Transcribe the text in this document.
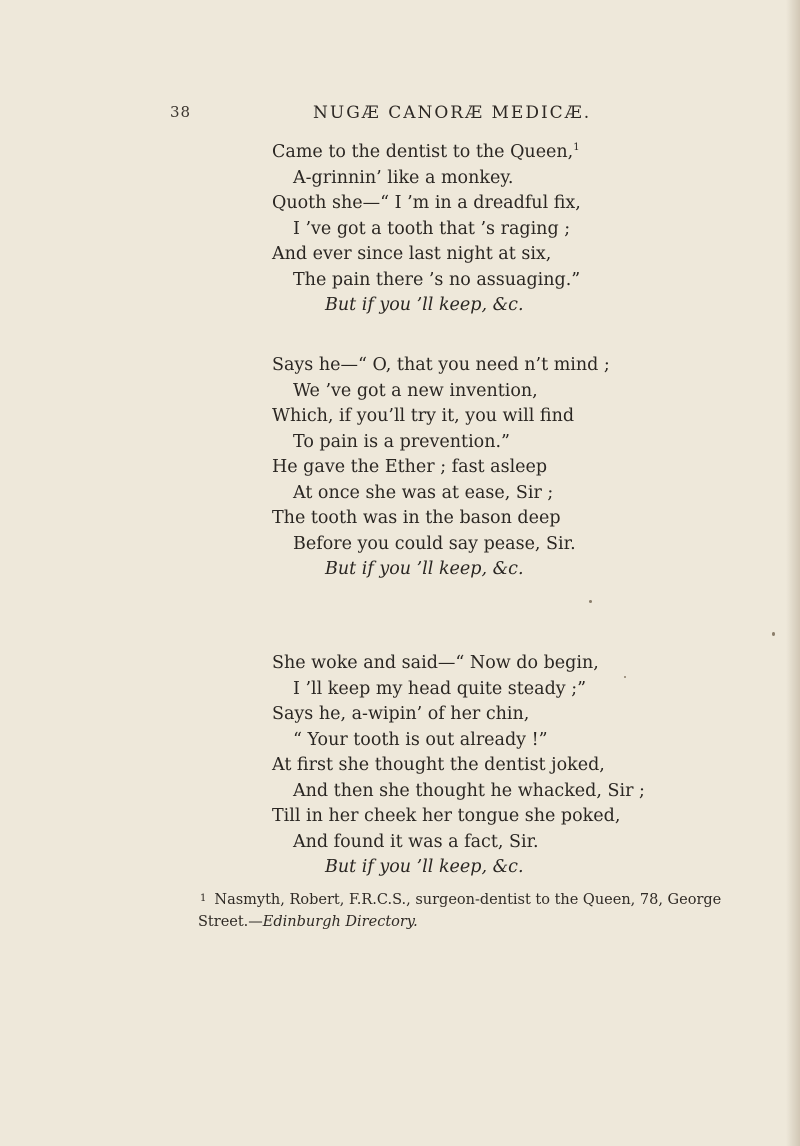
38	NUGÆ CANORÆ MEDICÆ.
Came to the dentist to the Queen,$^1$
A-grinnin’ like a monkey.
Quoth she—“ I ’m in a dreadful fix,
I ’ve got a tooth that ’s raging ;
And ever since last night at six,
The pain there ’s no assuaging.”
But if you ’ll keep, &c.
Says he—“ O, that you need n’t mind ;
We ’ve got a new invention,
Which, if you’ll try it, you will find
To pain is a prevention.”
He gave the Ether ; fast asleep
At once she was at ease, Sir ;
The tooth was in the bason deep
Before you could say pease, Sir.
But if you ’ll keep, &c.
She woke and said—“ Now do begin,
I ’ll keep my head quite steady ;”
Says he, a-wipin’ of her chin,
“ Your tooth is out already !”
At first she thought the dentist joked,
And then she thought he whacked, Sir ;
Till in her cheek her tongue she poked,
And found it was a fact, Sir.
But if you ’ll keep, &c.
$^1$ Nasmyth, Robert, F.R.C.S., surgeon-dentist to the Queen, 78, George
Street.—Edinburgh Directory.
